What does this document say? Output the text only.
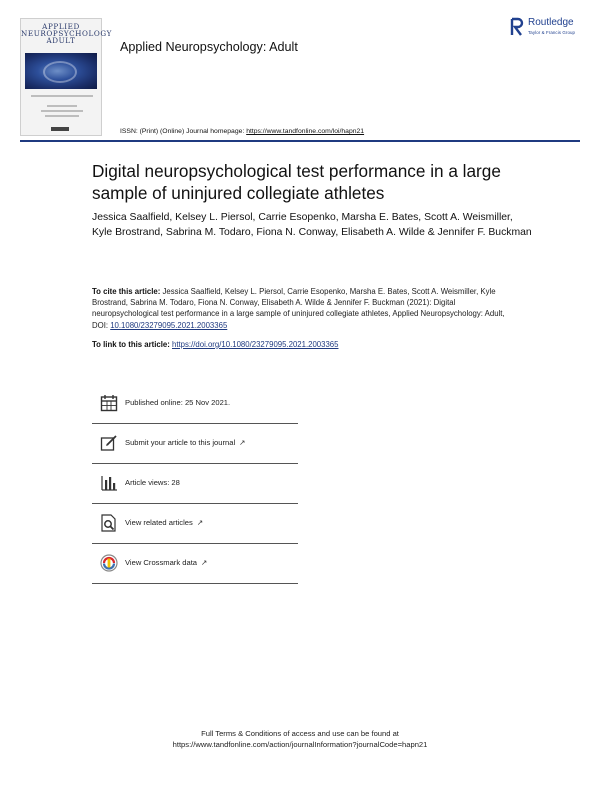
APPLIED
NEUROPSYCHOLOGY
ADULT	Applied Neuropsychology: Adult
Routledge
Taylor & Francis Group
ISSN: (Print) (Online) Journal homepage: https://www.tandfonline.com/loi/hapn21
Digital neuropsychological test performance in a large sample of uninjured collegiate athletes
Jessica Saalfield, Kelsey L. Piersol, Carrie Esopenko, Marsha E. Bates, Scott A. Weismiller, Kyle Brostrand, Sabrina M. Todaro, Fiona N. Conway, Elisabeth A. Wilde & Jennifer F. Buckman
To cite this article: Jessica Saalfield, Kelsey L. Piersol, Carrie Esopenko, Marsha E. Bates, Scott A. Weismiller, Kyle Brostrand, Sabrina M. Todaro, Fiona N. Conway, Elisabeth A. Wilde & Jennifer F. Buckman (2021): Digital neuropsychological test performance in a large sample of uninjured collegiate athletes, Applied Neuropsychology: Adult, DOI: 10.1080/23279095.2021.2003365
To link to this article: https://doi.org/10.1080/23279095.2021.2003365
Published online: 25 Nov 2021.
Submit your article to this journal ↗
Article views: 28
View related articles ↗
View Crossmark data ↗
Full Terms & Conditions of access and use can be found at
https://www.tandfonline.com/action/journalInformation?journalCode=hapn21
